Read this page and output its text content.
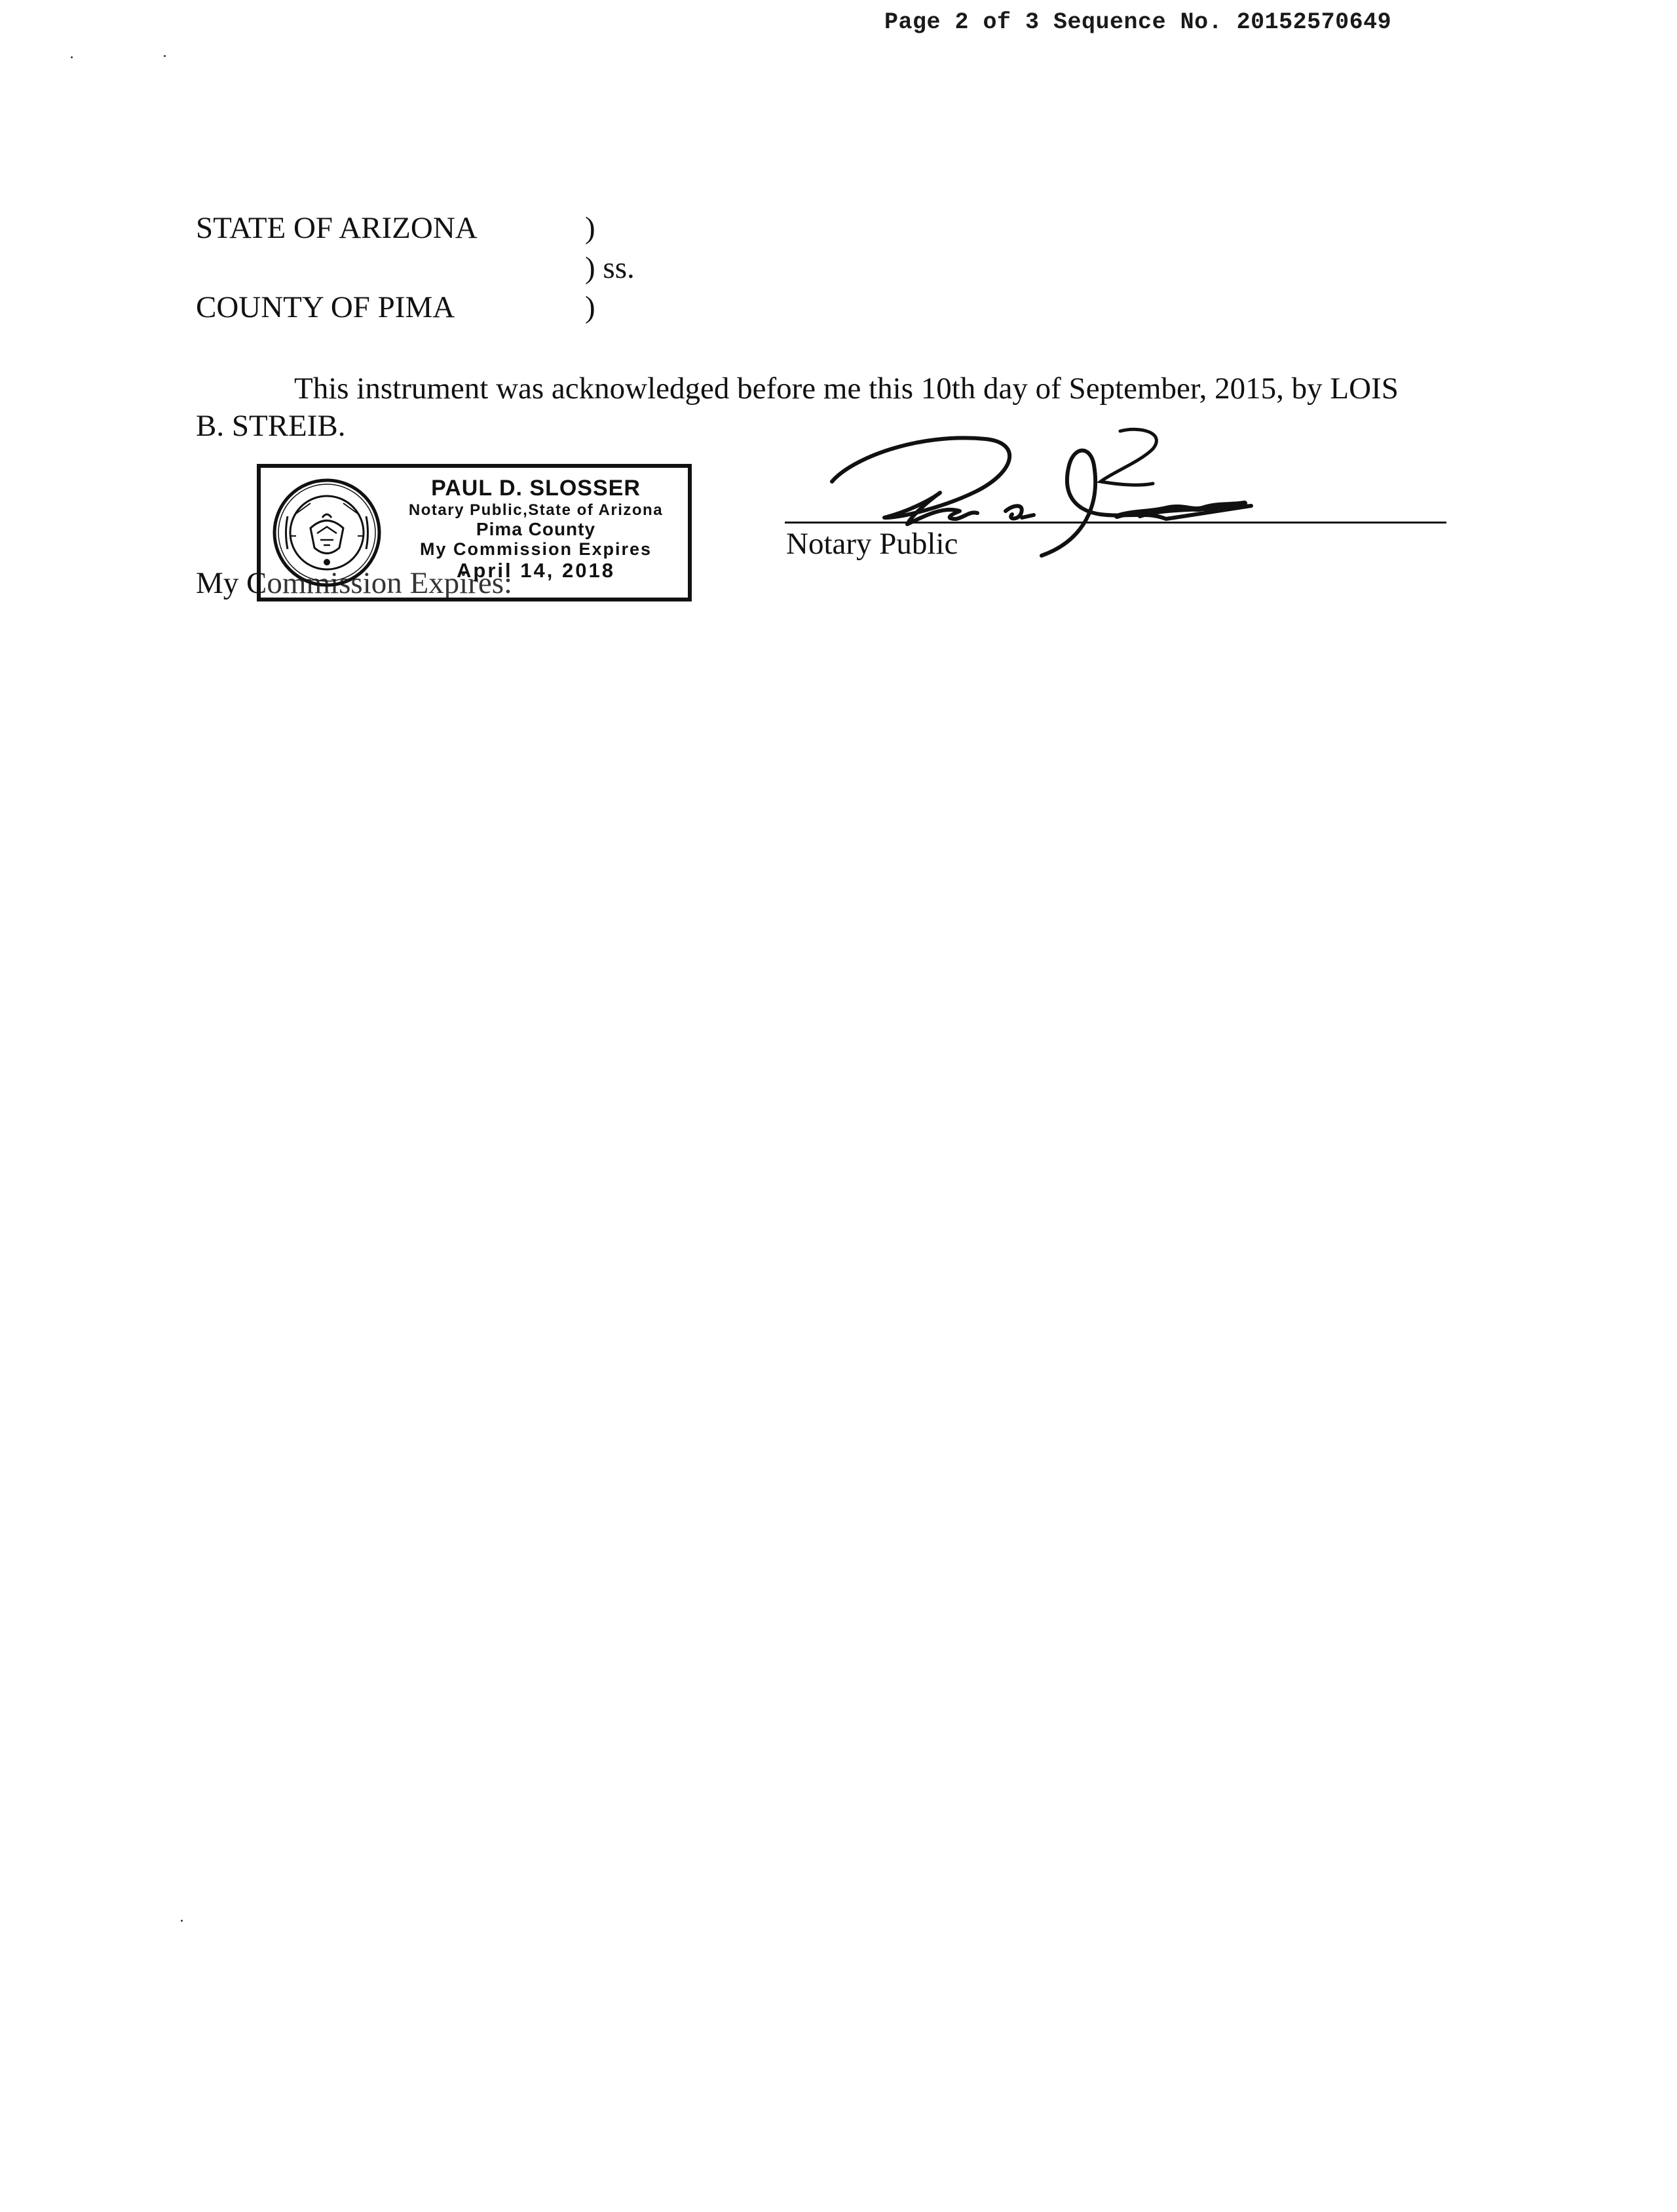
Page 2 of 3 Sequence No. 20152570649
STATE OF ARIZONA
COUNTY OF PIMA
)
) ss.
)
This instrument was acknowledged before me this 10th day of September, 2015, by LOIS
B. STREIB.
My Commission Expires:
PAUL D. SLOSSER
Notary Public,State of Arizona
Pima County
My Commission Expires
April 14, 2018
Notary Public
